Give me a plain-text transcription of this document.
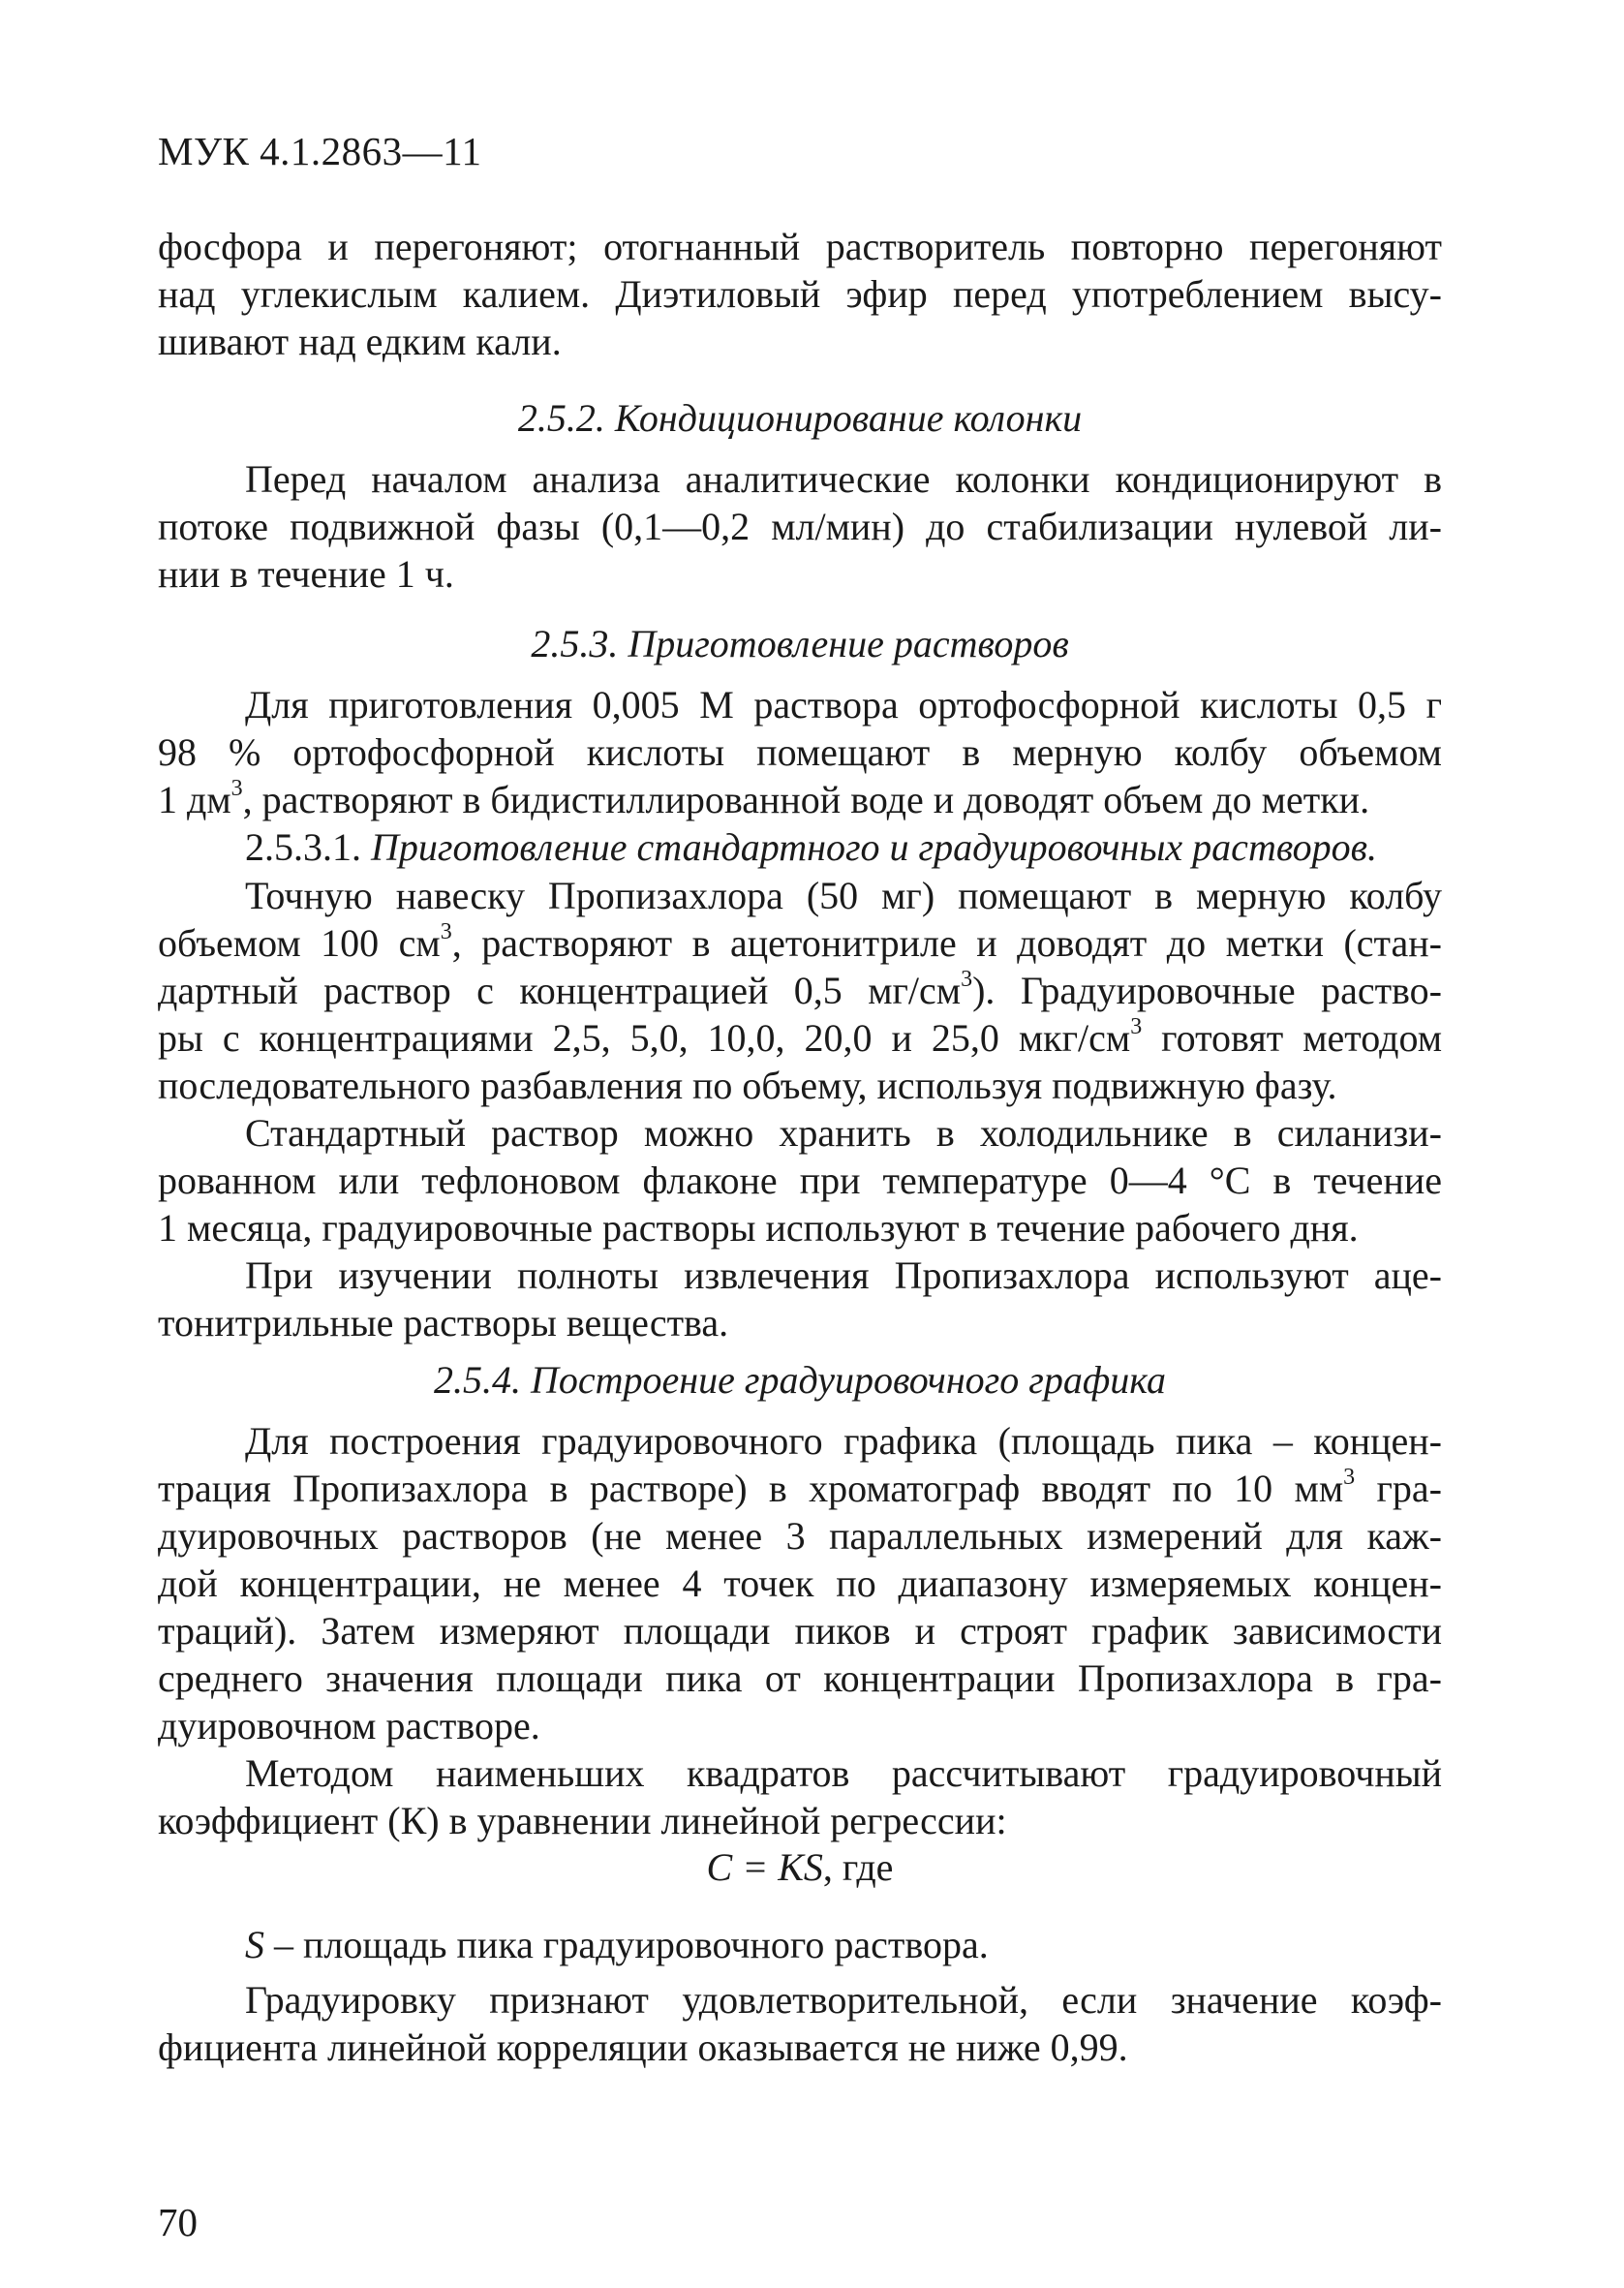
МУК 4.1.2863—11
фосфора и перегоняют; отогнанный растворитель повторно перегоняют
над углекислым калием. Диэтиловый эфир перед употреблением высу-
шивают над едким кали.
2.5.2. Кондиционирование колонки
Перед началом анализа аналитические колонки кондиционируют в
потоке подвижной фазы (0,1—0,2 мл/мин) до стабилизации нулевой ли-
нии в течение 1 ч.
2.5.3. Приготовление растворов
Для приготовления 0,005 М раствора ортофосфорной кислоты 0,5 г
98 % ортофосфорной кислоты помещают в мерную колбу объемом
1 $дм^3$, растворяют в бидистиллированной воде и доводят объем до метки.
2.5.3.1. Приготовление стандартного и градуировочных растворов.
Точную навеску Пропизахлора (50 мг) помещают в мерную колбу
объемом 100 $см^3$, растворяют в ацетонитриле и доводят до метки (стан-
дартный раствор с концентрацией 0,5 $мг/см^3$). Градуировочные раство-
ры с концентрациями 2,5, 5,0, 10,0, 20,0 и 25,0 мкг/$см^3$ готовят методом
последовательного разбавления по объему, используя подвижную фазу.
Стандартный раствор можно хранить в холодильнике в силанизи-
рованном или тефлоновом флаконе при температуре 0—4 °С в течение
1 месяца, градуировочные растворы используют в течение рабочего дня.
При изучении полноты извлечения Пропизахлора используют аце-
тонитрильные растворы вещества.
2.5.4. Построение градуировочного графика
Для построения градуировочного графика (площадь пика – концен-
трация Пропизахлора в растворе) в хроматограф вводят по 10 $мм^3$ гра-
дуировочных растворов (не менее 3 параллельных измерений для каж-
дой концентрации, не менее 4 точек по диапазону измеряемых концен-
траций). Затем измеряют площади пиков и строят график зависимости
среднего значения площади пика от концентрации Пропизахлора в гра-
дуировочном растворе.
Методом наименьших квадратов рассчитывают градуировочный
коэффициент (К) в уравнении линейной регрессии:
C = KS, где
S – площадь пика градуировочного раствора.
Градуировку признают удовлетворительной, если значение коэф-
фициента линейной корреляции оказывается не ниже 0,99.
70
